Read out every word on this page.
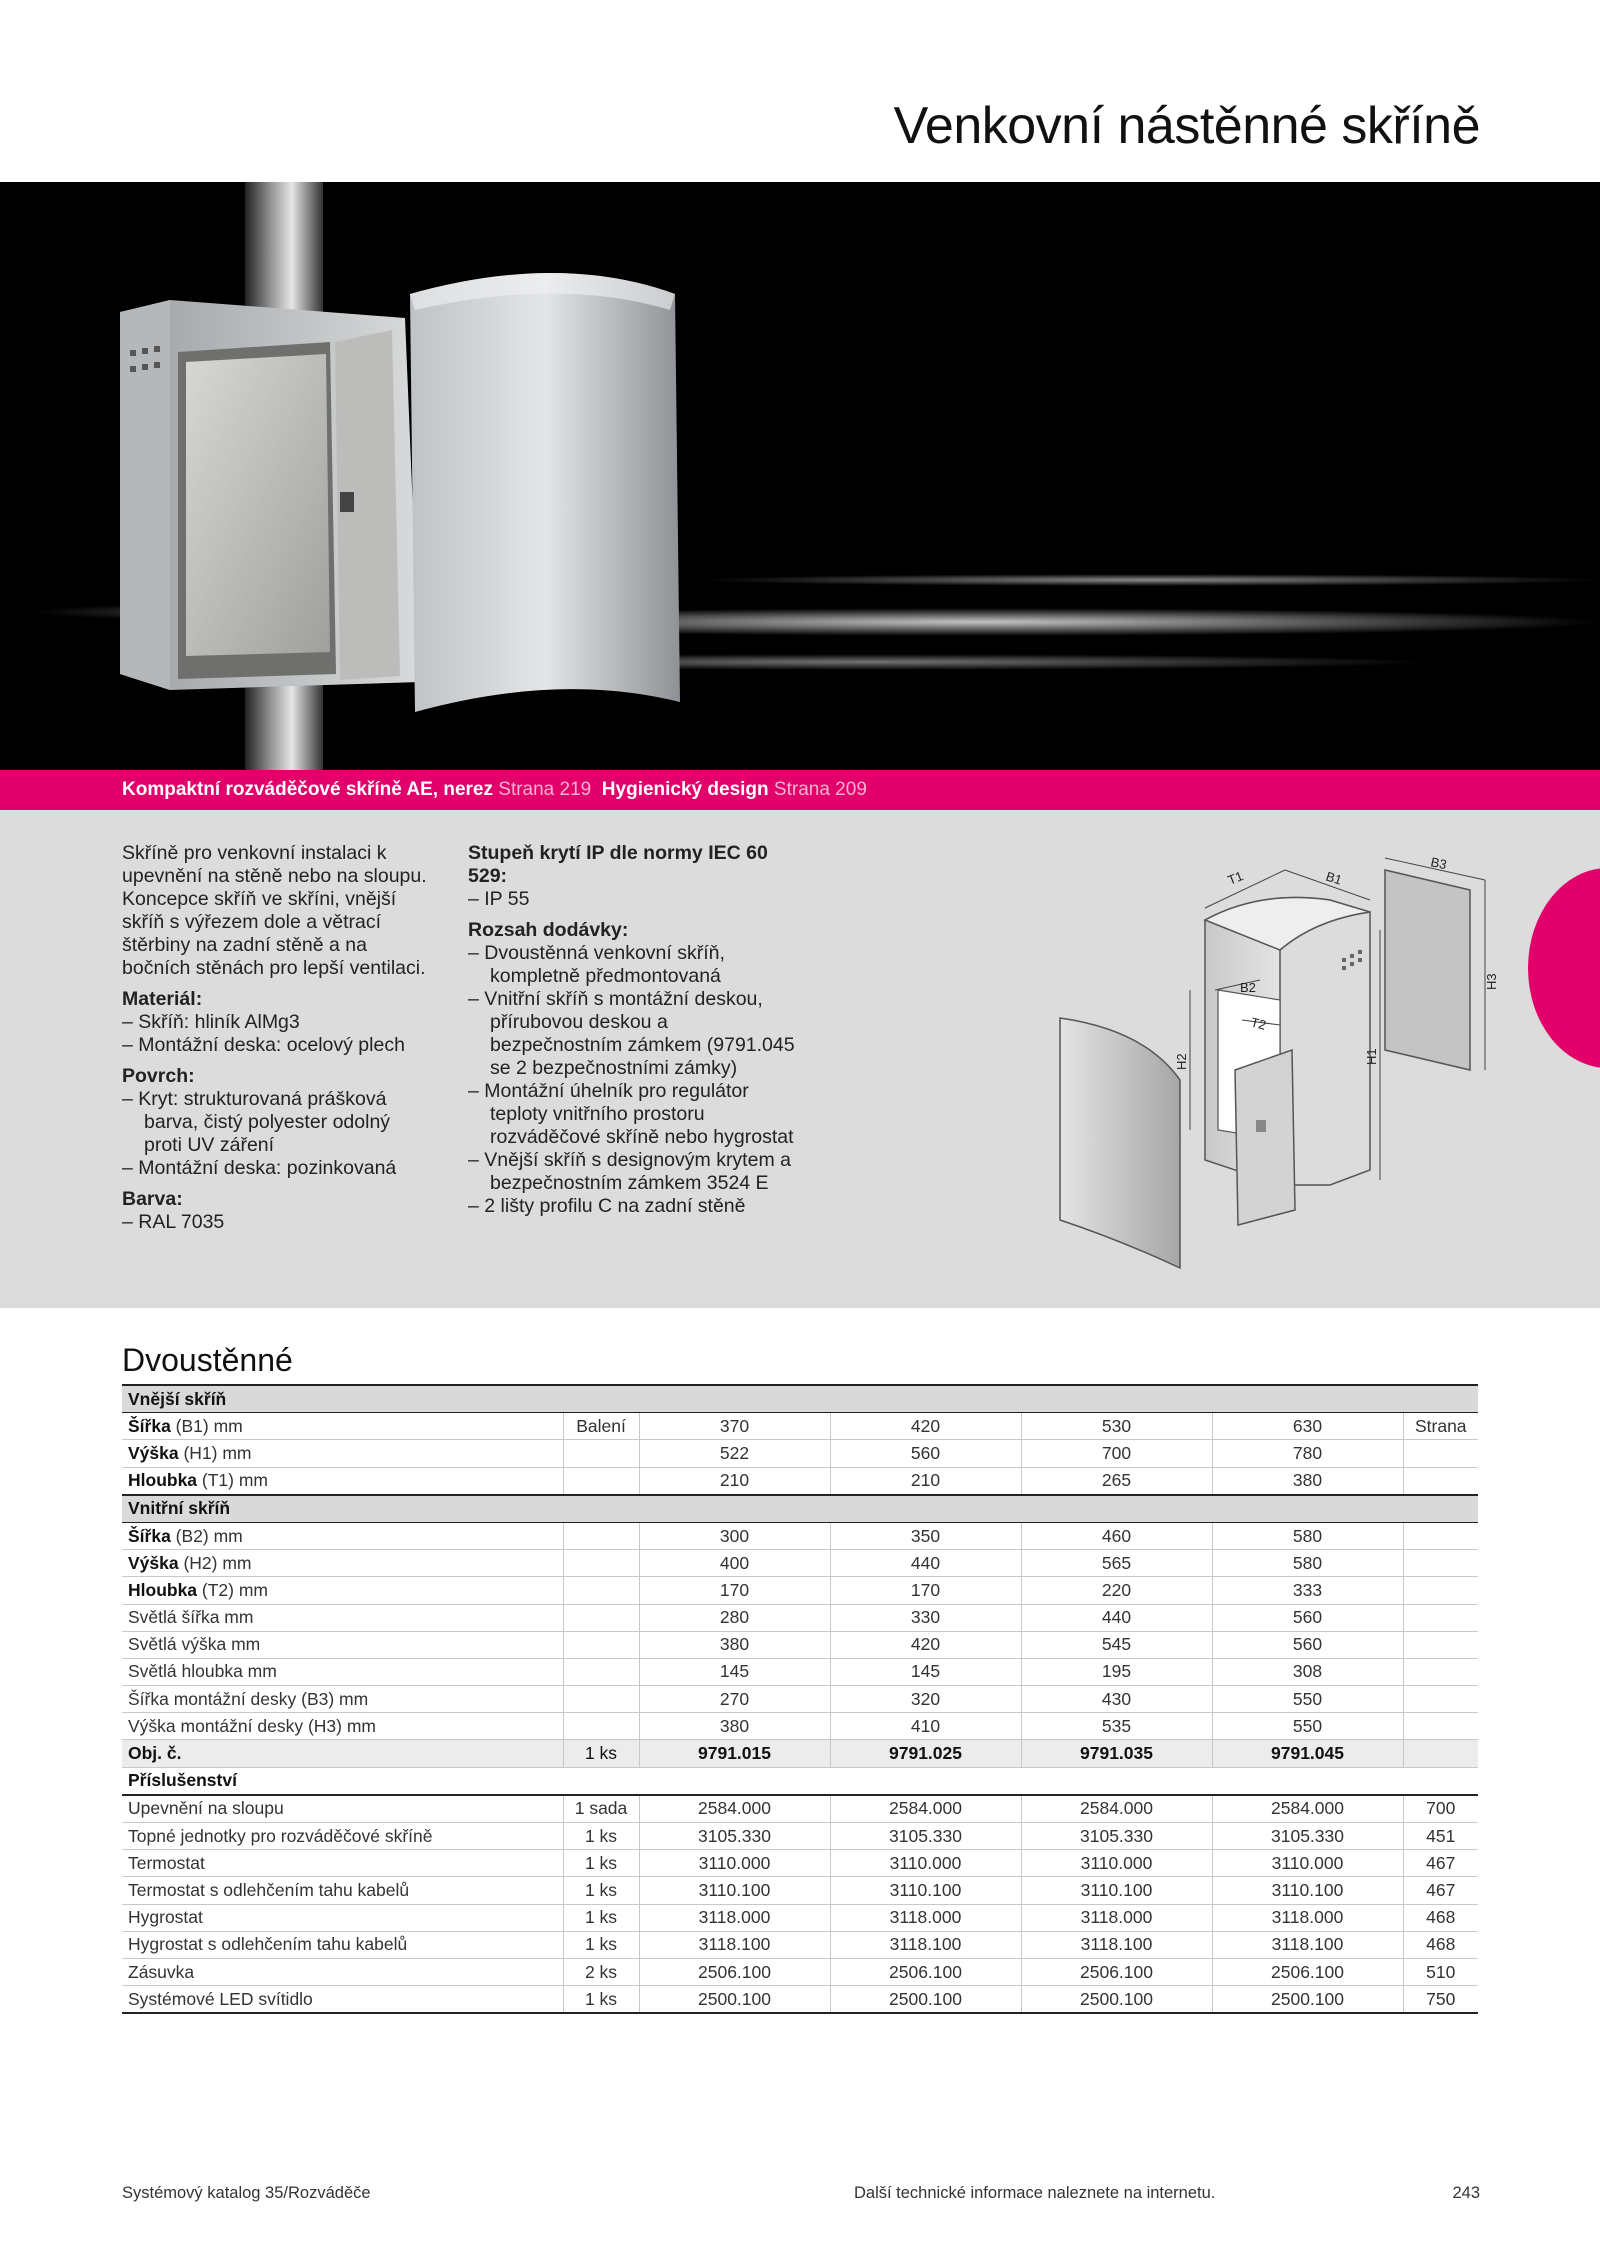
Venkovní nástěnné skříně
Kompaktní rozváděčové skříně AE, nerez Strana 219 Hygienický design Strana 209

Skříně pro venkovní instalaci k upevnění na stěně nebo na sloupu. Koncepce skříň ve skříni, vnější skříň s výřezem dole a větrací štěrbiny na zadní stěně a na bočních stěnách pro lepší ventilaci.

Materiál:

– Skříň: hliník AlMg3

– Montážní deska: ocelový plech

Povrch:

– Kryt: strukturovaná prášková barva, čistý polyester odolný proti UV záření

– Montážní deska: pozinkovaná

Barva:

– RAL 7035

Stupeň krytí IP dle normy IEC 60 529:

– IP 55

Rozsah dodávky:

– Dvoustěnná venkovní skříň, kompletně předmontovaná

– Vnitřní skříň s montážní deskou, přírubovou deskou a bezpečnostním zámkem (9791.045 se 2 bezpečnostními zámky)

– Montážní úhelník pro regulátor teploty vnitřního prostoru rozváděčové skříně nebo hygrostat

– Vnější skříň s designovým krytem a bezpečnostním zámkem 3524 E

– 2 lišty profilu C na zadní stěně

T1	B1
B3
H3
H2
B2
T2
H1
Dvoustěnné
Vnější skříň						
Šířka (B1) mm	Balení	370	420	530	630	Strana
Výška (H1) mm		522	560	700	780	
Hloubka (T1) mm		210	210	265	380	
Vnitřní skříň						
Šířka (B2) mm		300	350	460	580	
Výška (H2) mm		400	440	565	580	
Hloubka (T2) mm		170	170	220	333	
Světlá šířka mm		280	330	440	560	
Světlá výška mm		380	420	545	560	
Světlá hloubka mm		145	145	195	308	
Šířka montážní desky (B3) mm		270	320	430	550	
Výška montážní desky (H3) mm		380	410	535	550	
Obj. č.	1 ks	9791.015	9791.025	9791.035	9791.045	
Příslušenství						
Upevnění na sloupu	1 sada	2584.000	2584.000	2584.000	2584.000	700
Topné jednotky pro rozváděčové skříně	1 ks	3105.330	3105.330	3105.330	3105.330	451
Termostat	1 ks	3110.000	3110.000	3110.000	3110.000	467
Termostat s odlehčením tahu kabelů	1 ks	3110.100	3110.100	3110.100	3110.100	467
Hygrostat	1 ks	3118.000	3118.000	3118.000	3118.000	468
Hygrostat s odlehčením tahu kabelů	1 ks	3118.100	3118.100	3118.100	3118.100	468
Zásuvka	2 ks	2506.100	2506.100	2506.100	2506.100	510
Systémové LED svítidlo	1 ks	2500.100	2500.100	2500.100	2500.100	750
Systémový katalog 35/Rozváděče	Další technické informace naleznete na internetu.	243
